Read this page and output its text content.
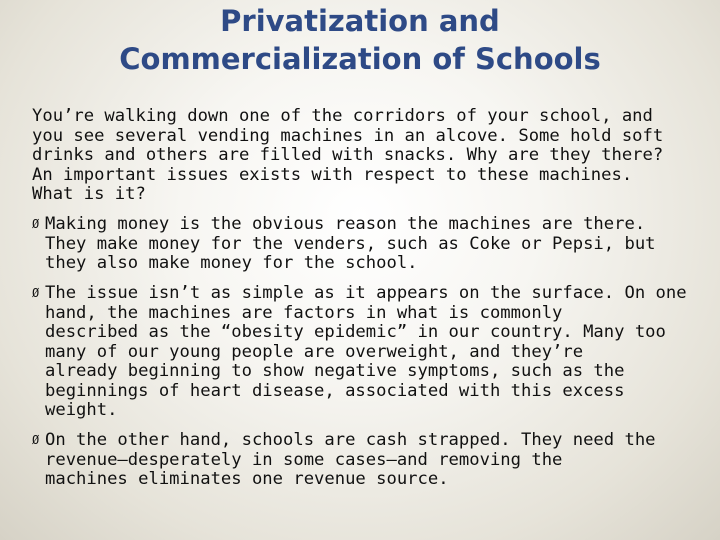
Privatization and
Commercialization of Schools

You’re walking down one of the corridors of your school, and
you see several vending machines in an alcove. Some hold soft
drinks and others are filled with snacks. Why are they there?
An important issues exists with respect to these machines.
What is it?

Ø Making money is the obvious reason the machines are there.
They make money for the venders, such as Coke or Pepsi, but
they also make money for the school.
Ø The issue isn’t as simple as it appears on the surface. On one
hand, the machines are factors in what is commonly
described as the “obesity epidemic” in our country. Many too
many of our young people are overweight, and they’re
already beginning to show negative symptoms, such as the
beginnings of heart disease, associated with this excess
weight.
Ø On the other hand, schools are cash strapped. They need the
revenue—desperately in some cases—and removing the
machines eliminates one revenue source.
